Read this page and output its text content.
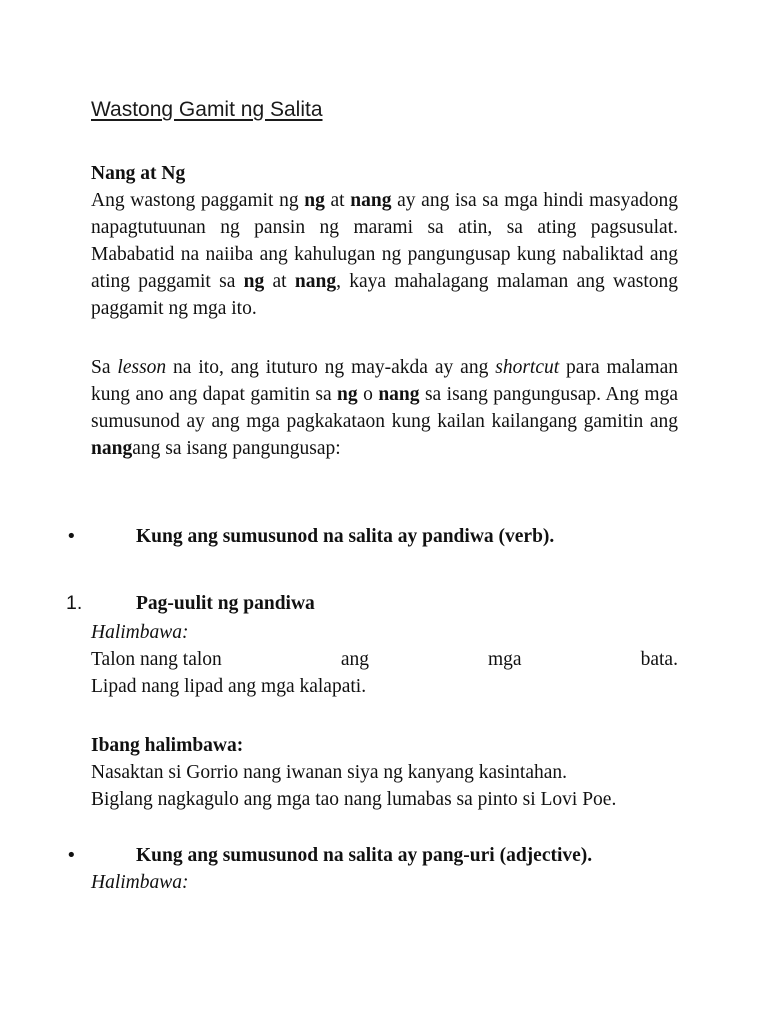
Wastong Gamit ng Salita

Nang at Ng

Ang wastong paggamit ng ng at nang ay ang isa sa mga hindi masyadong napagtutuunan ng pansin ng marami sa atin, sa ating pagsusulat. Mababatid na naiiba ang kahulugan ng pangungusap kung nabaliktad ang ating paggamit sa ng at nang, kaya mahalagang malaman ang wastong paggamit ng mga ito.

Sa lesson na ito, ang ituturo ng may-akda ay ang shortcut para malaman kung ano ang dapat gamitin sa ng o nang sa isang pangungusap. Ang mga sumusunod ay ang mga pagkakataon kung kailan kailangang gamitin ang nangang sa isang pangungusap:

•	Kung ang sumusunod na salita ay pandiwa (verb).
1.	Pag-uulit ng pandiwa

Halimbawa:

Talon nang talon	ang	mga	bata.

Lipad nang lipad ang mga kalapati.

Ibang halimbawa:

Nasaktan si Gorrio nang iwanan siya ng kanyang kasintahan.

Biglang nagkagulo ang mga tao nang lumabas sa pinto si Lovi Poe.

•	Kung ang sumusunod na salita ay pang-uri (adjective).

Halimbawa:
